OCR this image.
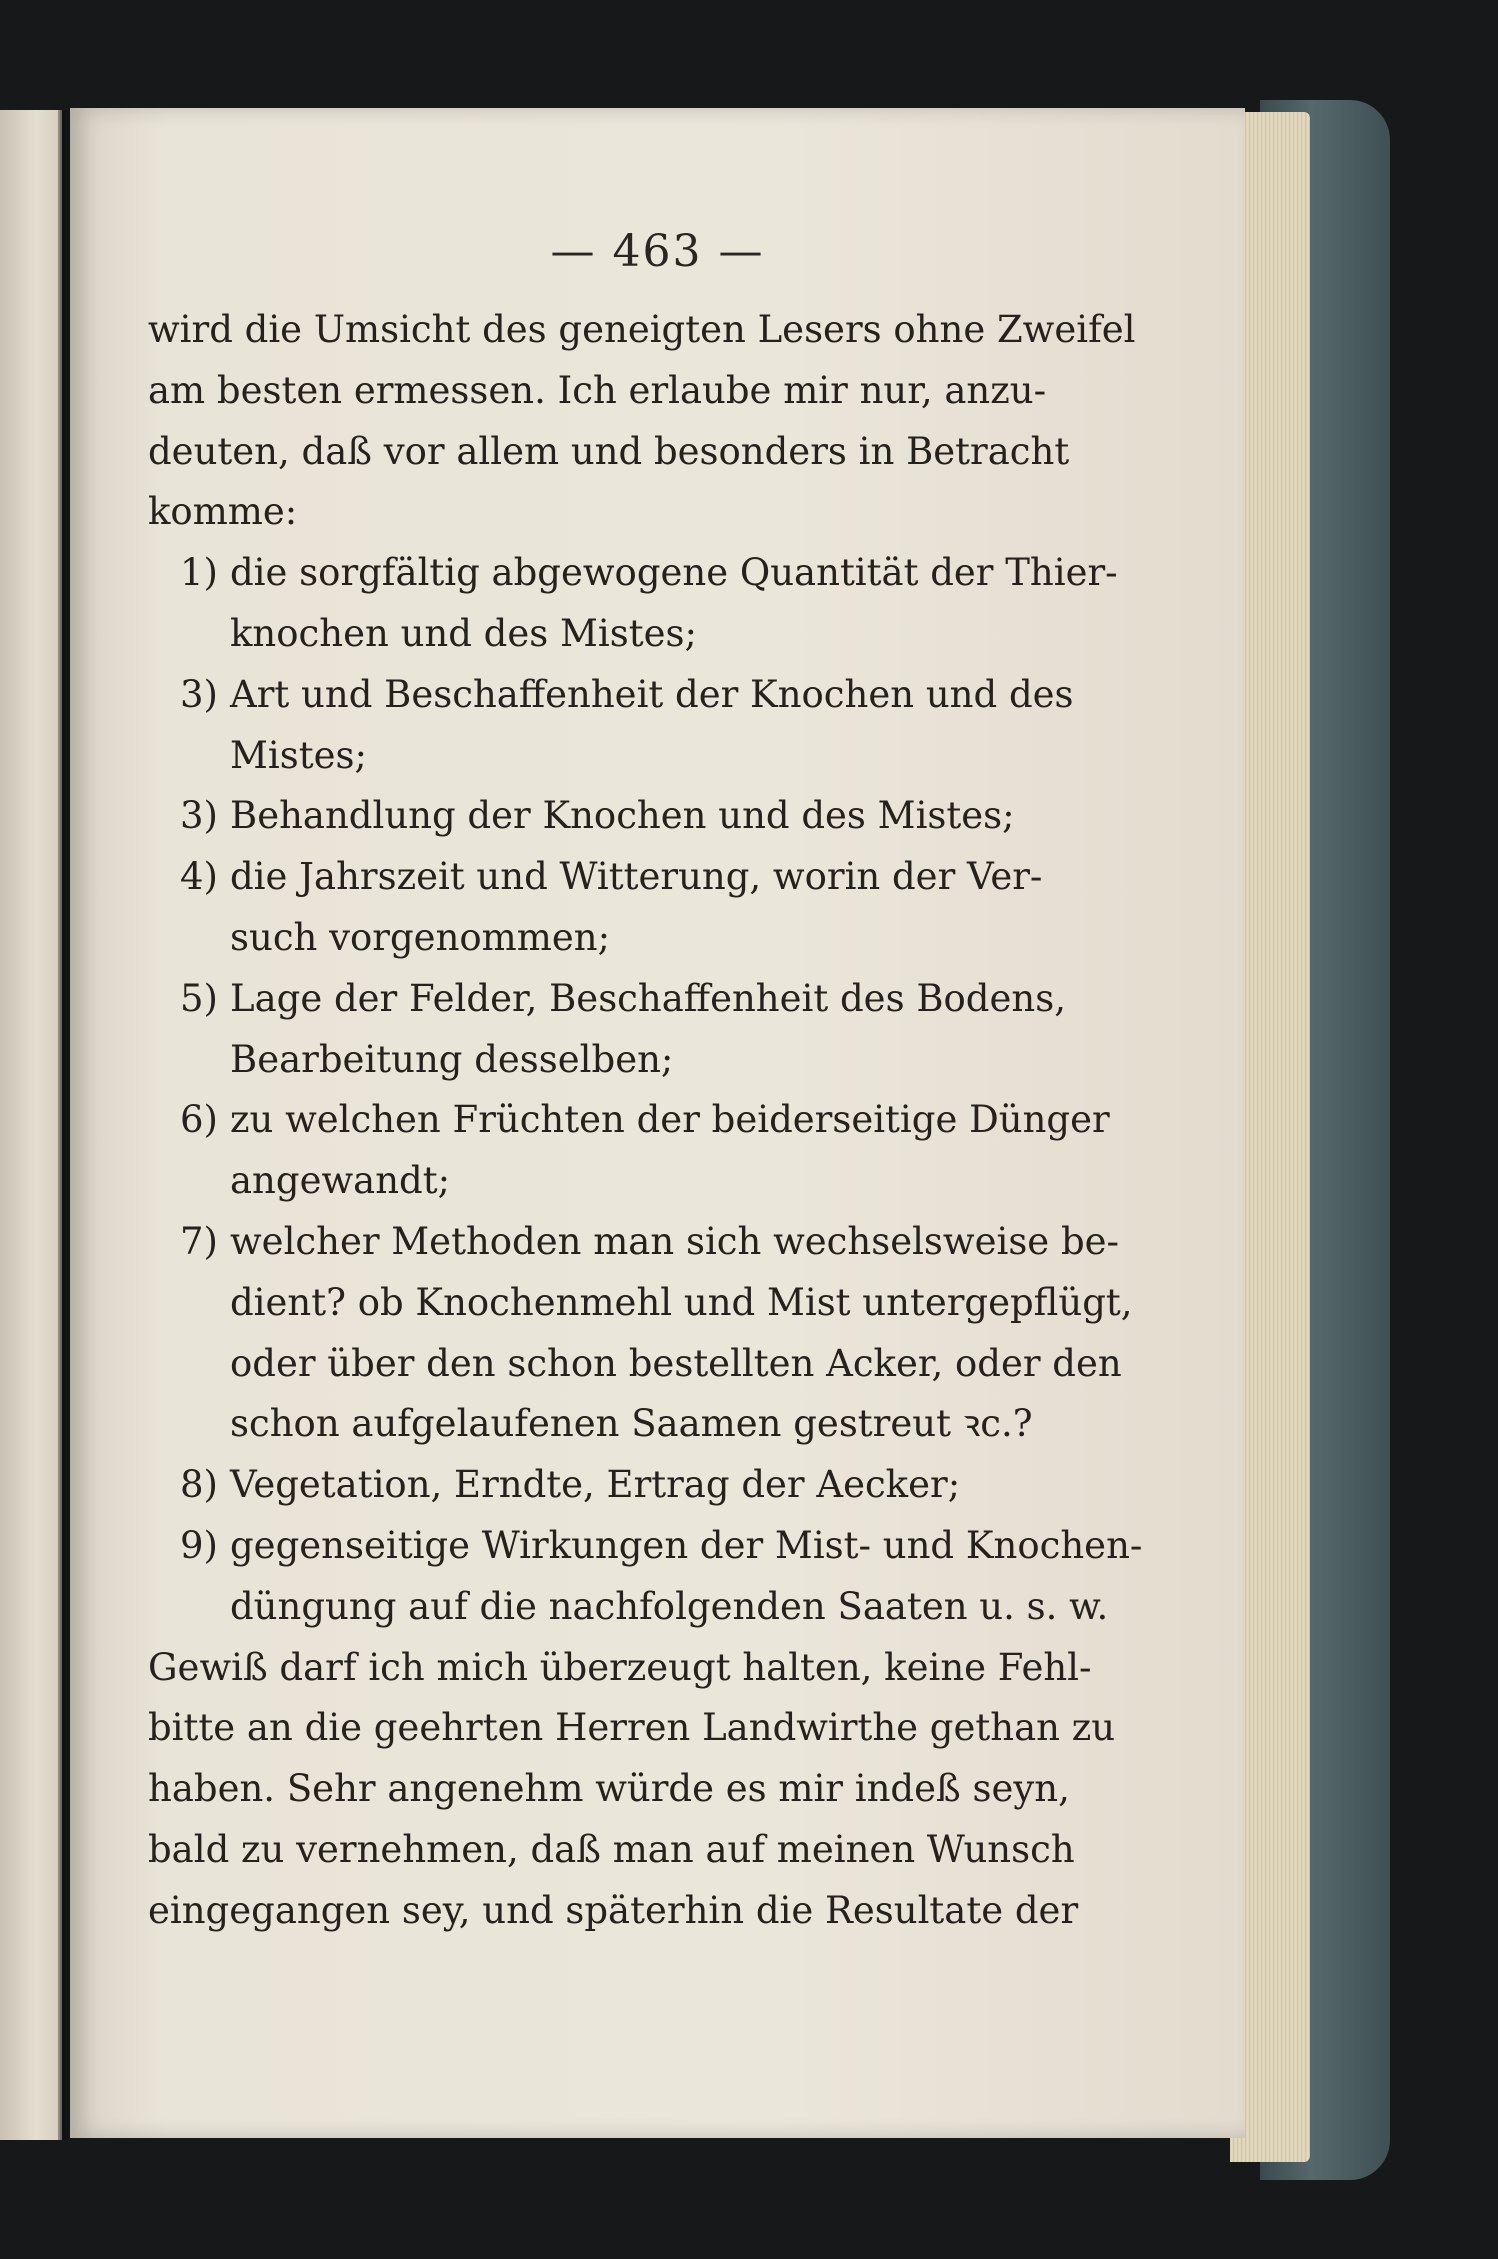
— 463 —
wird die Umsicht des geneigten Lesers ohne Zweifel
am besten ermessen. Ich erlaube mir nur, anzu-
deuten, daß vor allem und besonders in Betracht
komme:
1) die sorgfältig abgewogene Quantität der Thier-
knochen und des Mistes;
3) Art und Beschaffenheit der Knochen und des
Mistes;
3) Behandlung der Knochen und des Mistes;
4) die Jahrszeit und Witterung, worin der Ver-
such vorgenommen;
5) Lage der Felder, Beschaffenheit des Bodens,
Bearbeitung desselben;
6) zu welchen Früchten der beiderseitige Dünger
angewandt;
7) welcher Methoden man sich wechselsweise be-
dient? ob Knochenmehl und Mist untergepflügt,
oder über den schon bestellten Acker, oder den
schon aufgelaufenen Saamen gestreut ꝛc.?
8) Vegetation, Erndte, Ertrag der Aecker;
9) gegenseitige Wirkungen der Mist- und Knochen-
düngung auf die nachfolgenden Saaten u. s. w.
Gewiß darf ich mich überzeugt halten, keine Fehl-
bitte an die geehrten Herren Landwirthe gethan zu
haben. Sehr angenehm würde es mir indeß seyn,
bald zu vernehmen, daß man auf meinen Wunsch
eingegangen sey, und späterhin die Resultate der
